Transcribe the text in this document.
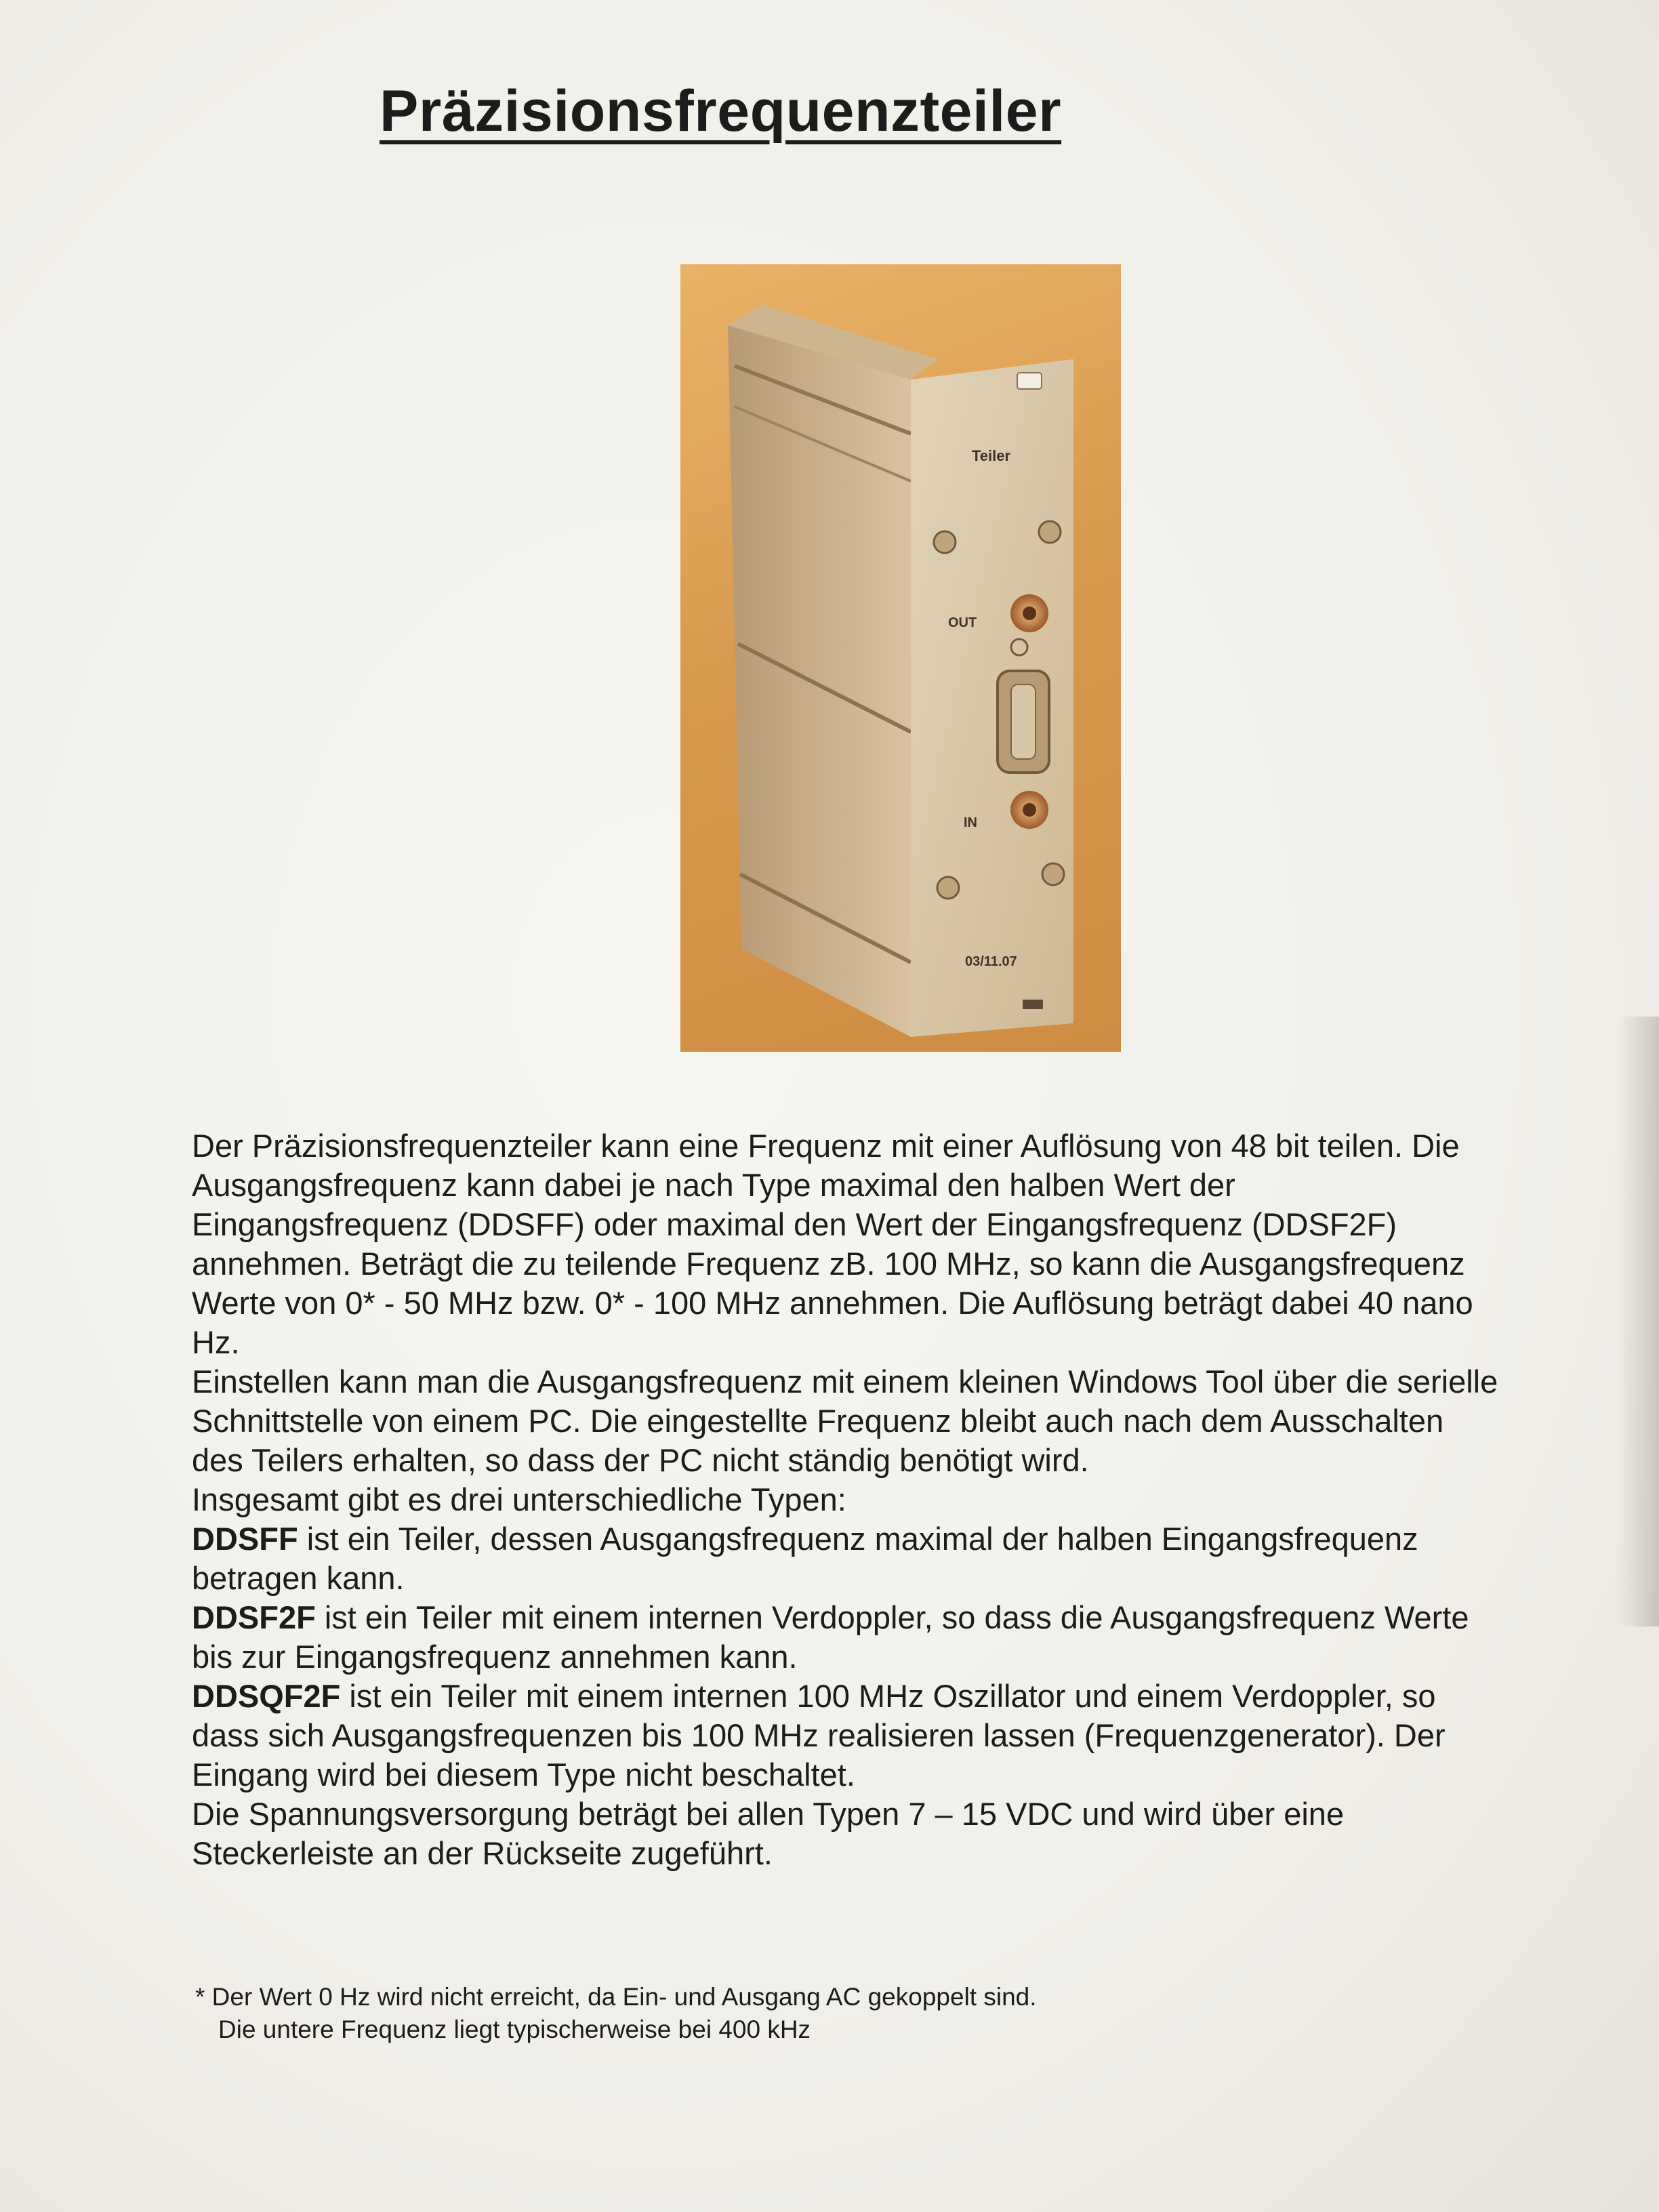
Präzisionsfrequenzteiler
Teiler
OUT
IN
03/11.07

Der Präzisionsfrequenzteiler kann eine Frequenz mit einer Auflösung von 48 bit teilen. Die Ausgangsfrequenz kann dabei je nach Type maximal den halben Wert der Eingangsfrequenz (DDSFF) oder maximal den Wert der Eingangsfrequenz (DDSF2F) annehmen. Beträgt die zu teilende Frequenz zB. 100 MHz, so kann die Ausgangsfrequenz Werte von 0* - 50 MHz bzw. 0* - 100 MHz annehmen. Die Auflösung beträgt dabei 40 nano Hz.

Einstellen kann man die Ausgangsfrequenz mit einem kleinen Windows Tool über die serielle Schnittstelle von einem PC. Die eingestellte Frequenz bleibt auch nach dem Ausschalten des Teilers erhalten, so dass der PC nicht ständig benötigt wird.

Insgesamt gibt es drei unterschiedliche Typen:

DDSFF ist ein Teiler, dessen Ausgangsfrequenz maximal der halben Eingangsfrequenz betragen kann.

DDSF2F ist ein Teiler mit einem internen Verdoppler, so dass die Ausgangsfrequenz Werte bis zur Eingangsfrequenz annehmen kann.

DDSQF2F ist ein Teiler mit einem internen 100 MHz Oszillator und einem Verdoppler, so dass sich Ausgangsfrequenzen bis 100 MHz realisieren lassen (Frequenzgenerator). Der Eingang wird bei diesem Type nicht beschaltet.

Die Spannungsversorgung beträgt bei allen Typen 7 – 15 VDC und wird über eine Steckerleiste an der Rückseite zugeführt.

* Der Wert 0 Hz wird nicht erreicht, da Ein- und Ausgang AC gekoppelt sind.

Die untere Frequenz liegt typischerweise bei 400 kHz
